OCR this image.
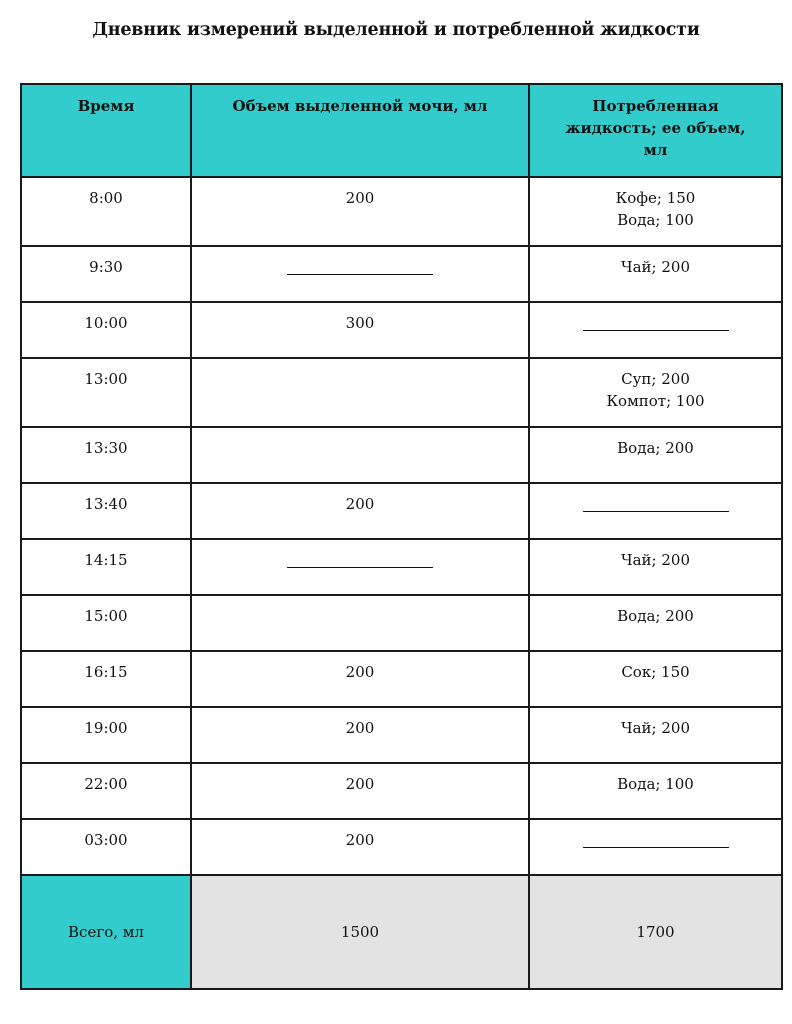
Дневник измерений выделенной и потребленной жидкости
Время	Объем выделенной мочи, мл	Потребленная
жидкость; ее объем,
мл

8:00	200	Кофе; 150
Вода; 100

9:30		Чай; 200

10:00	300	
13:00		Суп; 200
Компот; 100

13:30		Вода; 200

13:40	200	
14:15		Чай; 200

15:00		Вода; 200

16:15	200	Сок; 150

19:00	200	Чай; 200

22:00	200	Вода; 100

03:00	200	
Всего, мл	1500	1700
